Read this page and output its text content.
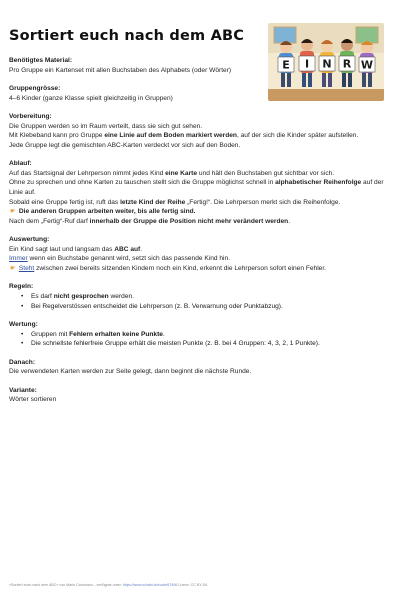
Sortiert euch nach dem ABC
E I N R W
Benötigtes Material:
Pro Gruppe ein Kartenset mit allen Buchstaben des Alphabets (oder Wörter)
Gruppengrösse:
4–6 Kinder (ganze Klasse spielt gleichzeitig in Gruppen)
Vorbereitung:
Die Gruppen werden so im Raum verteilt, dass sie sich gut sehen.
Mit Klebeband kann pro Gruppe eine Linie auf dem Boden markiert werden, auf der sich die Kinder später aufstellen.
Jede Gruppe legt die gemischten ABC-Karten verdeckt vor sich auf den Boden.
Ablauf:
Auf das Startsignal der Lehrperson nimmt jedes Kind eine Karte und hält den Buchstaben gut sichtbar vor sich.
Ohne zu sprechen und ohne Karten zu tauschen stellt sich die Gruppe möglichst schnell in alphabetischer Reihenfolge auf der Linie auf.
Sobald eine Gruppe fertig ist, ruft das letzte Kind der Reihe „Fertig!“. Die Lehrperson merkt sich die Reihenfolge.
☛ Die anderen Gruppen arbeiten weiter, bis alle fertig sind.
Nach dem „Fertig“-Ruf darf innerhalb der Gruppe die Position nicht mehr verändert werden.
Auswertung:
Ein Kind sagt laut und langsam das ABC auf.
Immer wenn ein Buchstabe genannt wird, setzt sich das passende Kind hin.
☛ Steht zwischen zwei bereits sitzenden Kindern noch ein Kind, erkennt die Lehrperson sofort einen Fehler.
Regeln:
• Es darf nicht gesprochen werden.
• Bei Regelverstössen entscheidet die Lehrperson (z. B. Verwarnung oder Punktabzug).
Wertung:
• Gruppen mit Fehlern erhalten keine Punkte.
• Die schnellste fehlerfreie Gruppe erhält die meisten Punkte (z. B. bei 4 Gruppen: 4, 3, 2, 1 Punkte).
Danach:
Die verwendeten Karten werden zur Seite gelegt, dann beginnt die nächste Runde.
Variante:
Wörter sortieren
«Sortiert euch nach dem ABC» von Mario Carlomani – verfügbar unter: https://www.schabi.ch/node/67406 Lizenz: CC BY-SA
